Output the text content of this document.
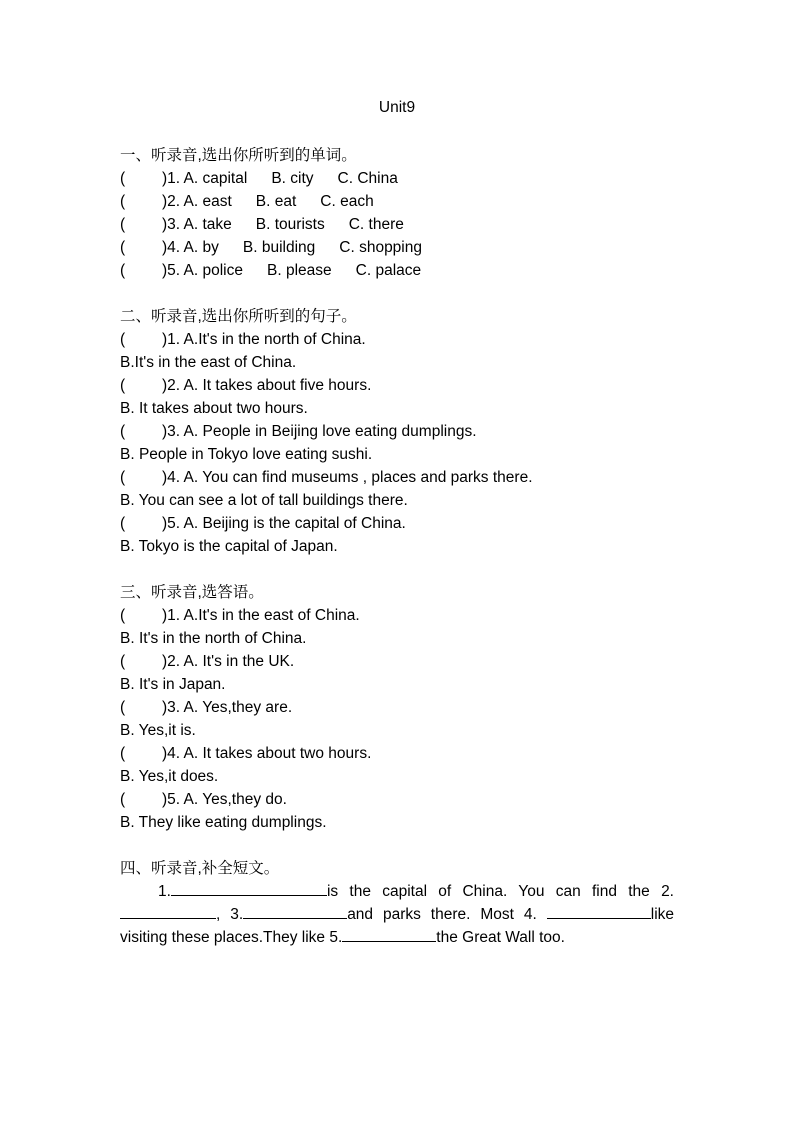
Unit9
一、听录音,选出你所听到的单词。
( )1. A. capital B. city C. China
( )2. A. east B. eat C. each
( )3. A. take B. tourists C. there
( )4. A. by B. building C. shopping
( )5. A. police B. please C. palace
二、听录音,选出你所听到的句子。
( )1. A.It's in the north of China.
B.It's in the east of China.
( )2. A. It takes about five hours.
B. It takes about two hours.
( )3. A. People in Beijing love eating dumplings.
B. People in Tokyo love eating sushi.
( )4. A. You can find museums , places and parks there.
B. You can see a lot of tall buildings there.
( )5. A. Beijing is the capital of China.
B. Tokyo is the capital of Japan.
三、听录音,选答语。
( )1. A.It's in the east of China.
B. It's in the north of China.
( )2. A. It's in the UK.
B. It's in Japan.
( )3. A. Yes,they are.
B. Yes,it is.
( )4. A. It takes about two hours.
B. Yes,it does.
( )5. A. Yes,they do.
B. They like eating dumplings.
四、听录音,补全短文。
1.	is the capital of China. You can find the 2., 3.	and parks there. Most 4.	like visiting these places.They like 5.	the Great Wall too.
